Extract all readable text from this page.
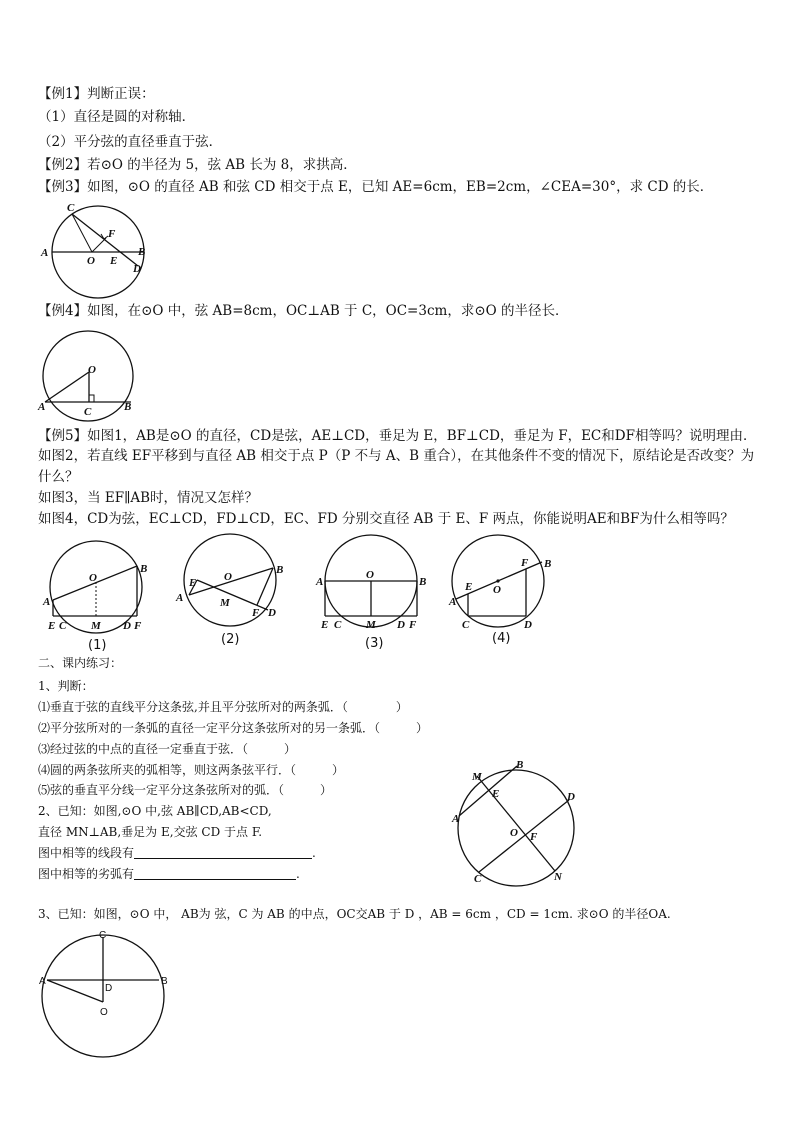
【例1】判断正误：
（1）直径是圆的对称轴．
（2）平分弦的直径垂直于弦．
【例2】若⊙O 的半径为 5，弦 AB 长为 8，求拱高．
【例3】如图，⊙O 的直径 AB 和弦 CD 相交于点 E，已知 AE=6cm，EB=2cm，∠CEA=30°，求 CD 的长．
C
F
A
O E
B
D
【例4】如图，在⊙O 中，弦 AB=8cm，OC⊥AB 于 C，OC=3cm，求⊙O 的半径长．
O
A	C	B
【例5】如图1，AB是⊙O 的直径，CD是弦，AE⊥CD，垂足为 E，BF⊥CD，垂足为 F，EC和DF相等吗？说明理由．
如图2，若直线 EF平移到与直径 AB 相交于点 P（P 不与 A、B 重合），在其他条件不变的情况下，原结论是否改变？为
什么？
如图3，当 EF∥AB时，情况又怎样？
如图4，CD为弦，EC⊥CD，FD⊥CD，EC、FD 分别交直径 AB 于 E、F 两点，你能说明AE和BF为什么相等吗？
O
B
A
E C M D F
(1)
O
B
E
A	M
F D
(2)
A
O
B
E C M D F
(3)
F B
E O
A
C	D
(4)
二、课内练习：
1、判断：
⑴垂直于弦的直线平分这条弦,并且平分弦所对的两条弧．（　　　　）
⑵平分弦所对的一条弧的直径一定平分这条弦所对的另一条弧．（　　　）
⑶经过弦的中点的直径一定垂直于弦．（　　　）
⑷圆的两条弦所夹的弧相等，则这两条弦平行．（　　　）
⑸弦的垂直平分线一定平分这条弦所对的弧．（　　　）
2、已知：如图,⊙O 中,弦 AB∥CD,AB<CD,
直径 MN⊥AB,垂足为 E,交弦 CD 于点 F.
图中相等的线段有	.
图中相等的劣弧有	.
M
B
E	D
A
O F
C	N
3、已知：如图，⊙O 中， AB为 弦，C 为 AB 的中点，OC交AB 于 D ，AB = 6cm ，CD = 1cm. 求⊙O 的半径OA.
C
A	B
D
O
